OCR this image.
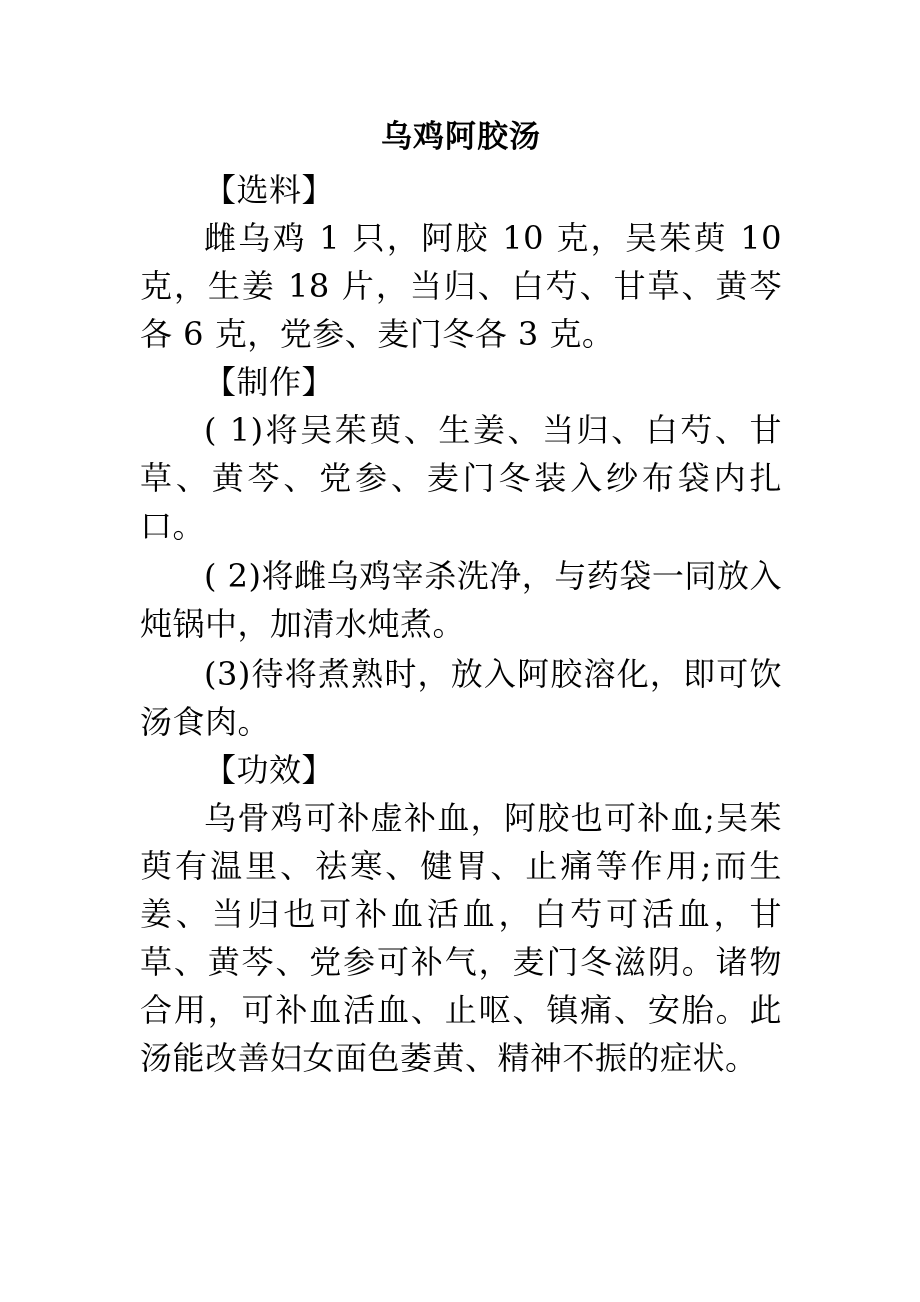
乌鸡阿胶汤

【选料】

雌乌鸡 1 只，阿胶 10 克，吴茱萸 10 克，生姜 18 片，当归、白芍、甘草、黄芩各 6 克，党参、麦门冬各 3 克。

【制作】

( 1)将吴茱萸、生姜、当归、白芍、甘草、黄芩、党参、麦门冬装入纱布袋内扎口。

( 2)将雌乌鸡宰杀洗净，与药袋一同放入炖锅中，加清水炖煮。

(3)待将煮熟时，放入阿胶溶化，即可饮汤食肉。

【功效】

乌骨鸡可补虚补血，阿胶也可补血;吴茱萸有温里、祛寒、健胃、止痛等作用;而生姜、当归也可补血活血，白芍可活血，甘草、黄芩、党参可补气，麦门冬滋阴。诸物合用，可补血活血、止呕、镇痛、安胎。此汤能改善妇女面色萎黄、精神不振的症状。
